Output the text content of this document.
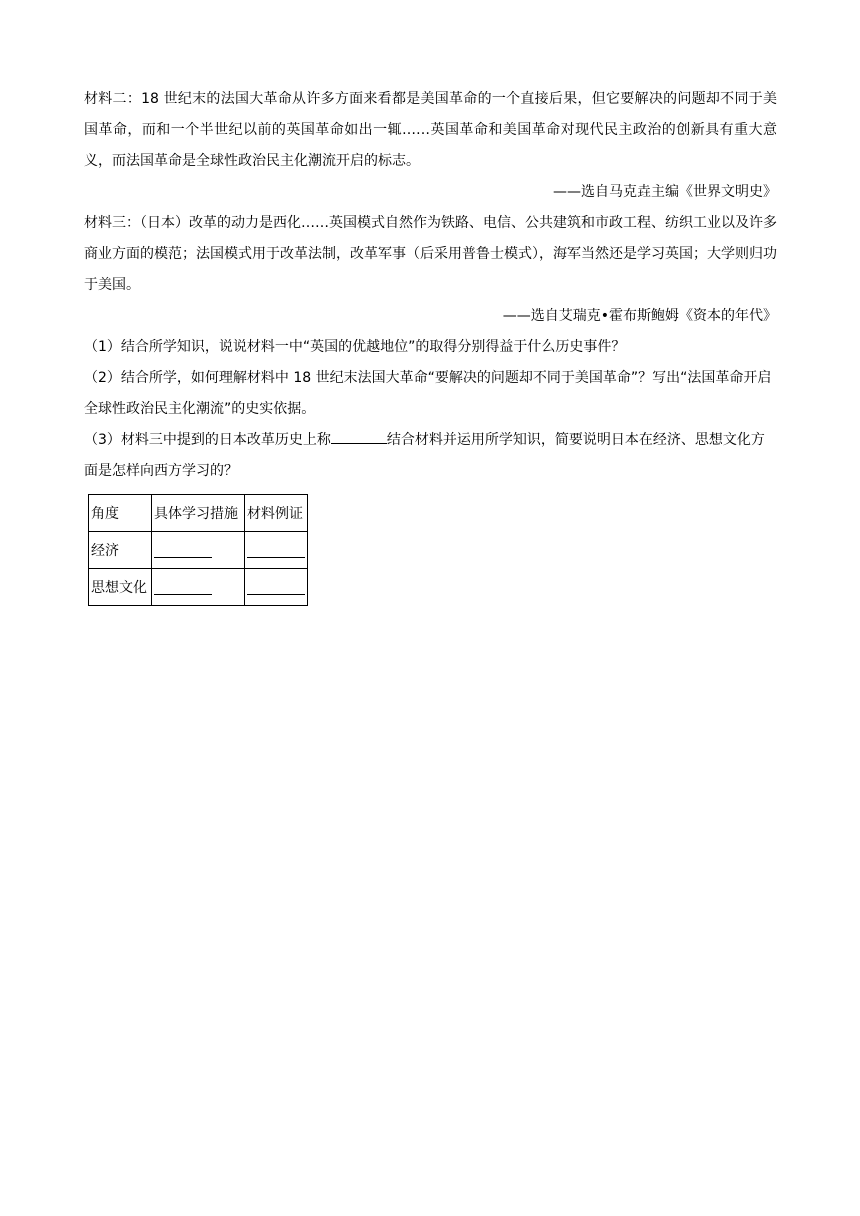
材料二：18 世纪末的法国大革命从许多方面来看都是美国革命的一个直接后果，但它要解决的问题却不同于美国革命，而和一个半世纪以前的英国革命如出一辄……英国革命和美国革命对现代民主政治的创新具有重大意义，而法国革命是全球性政治民主化潮流开启的标志。

——选自马克垚主编《世界文明史》

材料三：（日本）改革的动力是西化……英国模式自然作为铁路、电信、公共建筑和市政工程、纺织工业以及许多商业方面的模范；法国模式用于改革法制，改革军事（后采用普鲁士模式），海军当然还是学习英国；大学则归功于美国。

——选自艾瑞克•霍布斯鲍姆《资本的年代》

（1）结合所学知识，说说材料一中“英国的优越地位”的取得分别得益于什么历史事件？

（2）结合所学，如何理解材料中 18 世纪末法国大革命“要解决的问题却不同于美国革命”？写出“法国革命开启全球性政治民主化潮流”的史实依据。

（3）材料三中提到的日本改革历史上称	结合材料并运用所学知识，简要说明日本在经济、思想文化方面是怎样向西方学习的？

角度	具体学习措施	材料例证
经济		
思想文化		
